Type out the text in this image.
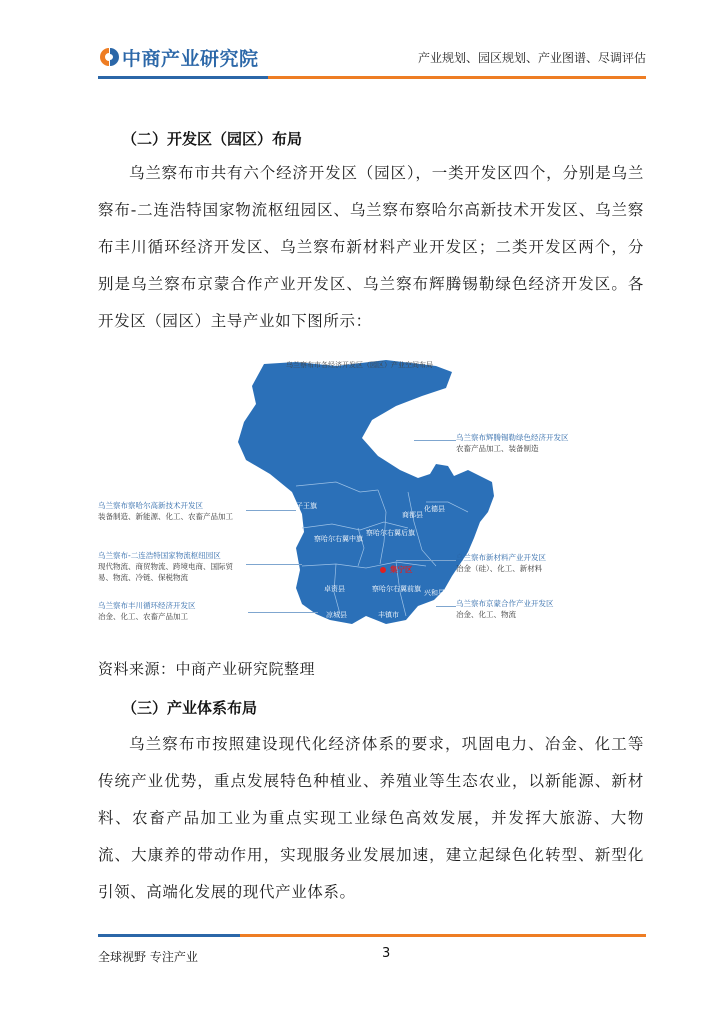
中商产业研究院	产业规划、园区规划、产业图谱、尽调评估
（二）开发区（园区）布局
乌兰察布市共有六个经济开发区（园区），一类开发区四个，分别是乌兰察布-二连浩特国家物流枢纽园区、乌兰察布察哈尔高新技术开发区、乌兰察布丰川循环经济开发区、乌兰察布新材料产业开发区；二类开发区两个，分别是乌兰察布京蒙合作产业开发区、乌兰察布辉腾锡勒绿色经济开发区。各开发区（园区）主导产业如下图所示：
乌兰察布市各经济开发区（园区）产业空间布局
四子王旗
察哈尔右翼中旗
察哈尔右翼后旗
化德县
商都县
兴和县
卓资县
凉城县	丰镇市
察哈尔右翼前旗
集宁区
乌兰察布辉腾锡勒绿色经济开发区
农畜产品加工、装备制造
乌兰察布新材料产业开发区
冶金（硅）、化工、新材料
乌兰察布京蒙合作产业开发区
冶金、化工、物流
乌兰察布察哈尔高新技术开发区
装备制造、新能源、化工、农畜产品加工
乌兰察布-二连浩特国家物流枢纽园区
现代物流、商贸物流、跨境电商、国际贸易、物流、冷链、保税物流
乌兰察布丰川循环经济开发区
冶金、化工、农畜产品加工
资料来源：中商产业研究院整理
（三）产业体系布局
乌兰察布市按照建设现代化经济体系的要求，巩固电力、冶金、化工等传统产业优势，重点发展特色种植业、养殖业等生态农业，以新能源、新材料、农畜产品加工业为重点实现工业绿色高效发展，并发挥大旅游、大物流、大康养的带动作用，实现服务业发展加速，建立起绿色化转型、新型化引领、高端化发展的现代产业体系。
全球视野 专注产业	3
